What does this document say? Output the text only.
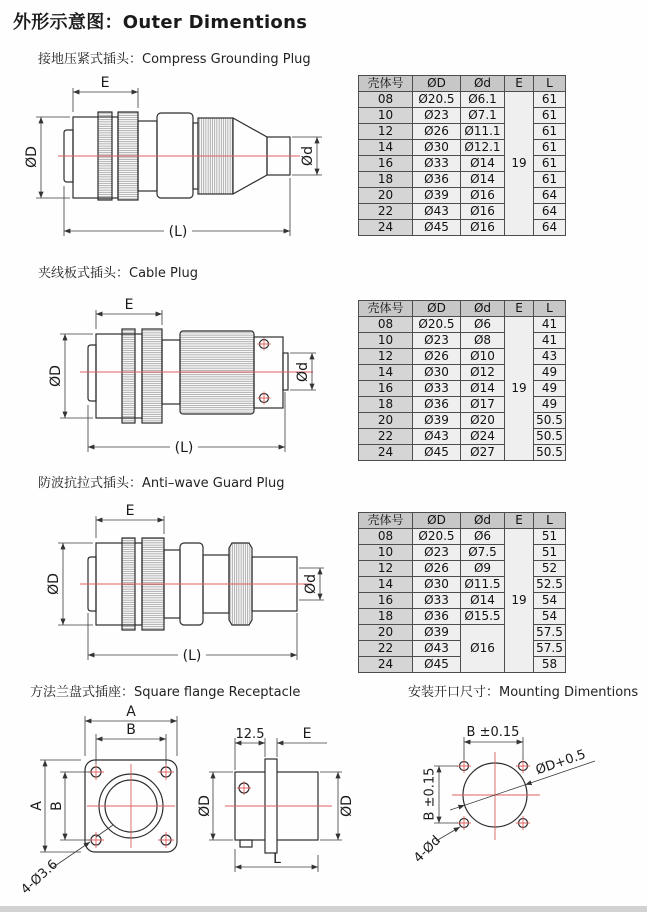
外形示意图：Outer Dimentions
接地压紧式插头：Compress Grounding Plug
夹线板式插头：Cable Plug
防波抗拉式插头：Anti–wave Guard Plug
方法兰盘式插座：Square flange Receptacle	安装开口尺寸：Mounting Dimentions
E
ØD	Ød
(L)
壳体号	ØD	Ød	E	L
08	Ø20.5	Ø6.1	19	61
10	Ø23	Ø7.1		61
12	Ø26	Ø11.1		61
14	Ø30	Ø12.1		61
16	Ø33	Ø14		61
18	Ø36	Ø14		61
20	Ø39	Ø16		64
22	Ø43	Ø16		64
24	Ø45	Ø16		64
E
ØD	Ød
(L)
壳体号	ØD	Ød	E	L
08	Ø20.5	Ø6	19	41
10	Ø23	Ø8		41
12	Ø26	Ø10		43
14	Ø30	Ø12		49
16	Ø33	Ø14		49
18	Ø36	Ø17		49
20	Ø39	Ø20		50.5
22	Ø43	Ø24		50.5
24	Ø45	Ø27		50.5
E
ØD	Ød
(L)
壳体号	ØD	Ød	E	L
08	Ø20.5	Ø6	19	51
10	Ø23	Ø7.5		51
12	Ø26	Ø9		52
14	Ø30	Ø11.5		52.5
16	Ø33	Ø14		54
18	Ø36	Ø15.5		54
20	Ø39	Ø16		57.5
22	Ø43			57.5
24	Ø45			58
A
B
A B
4-Ø3.6
12.5	E
ØD	ØD
L
B ±0.15
B ±0.15
ØD+0.5
4-Ød
